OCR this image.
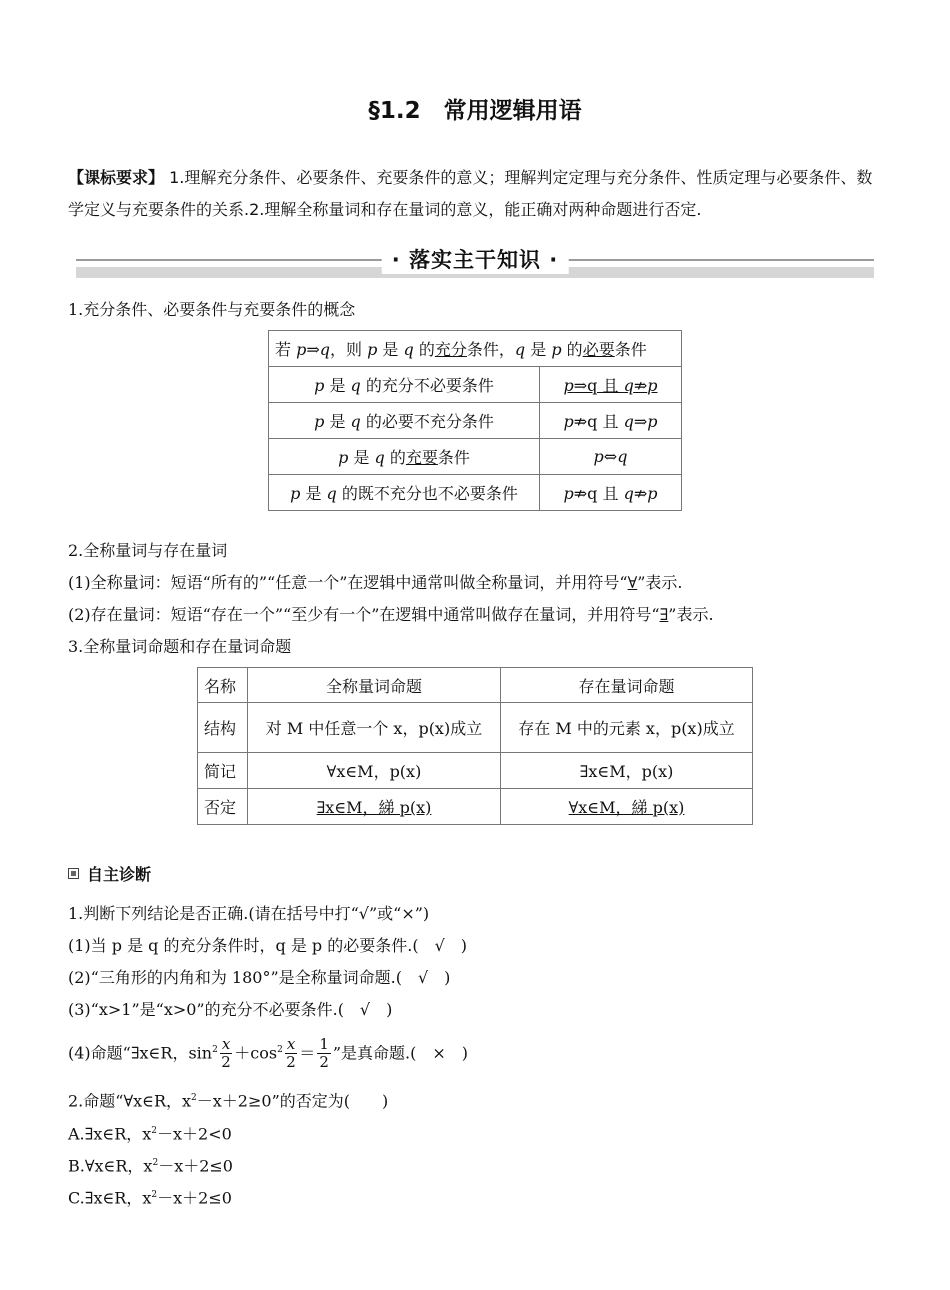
§1.2　常用逻辑用语
【课标要求】 1.理解充分条件、必要条件、充要条件的意义；理解判定定理与充分条件、性质定理与必要条件、数学定义与充要条件的关系.2.理解全称量词和存在量词的意义，能正确对两种命题进行否定.
· 落实主干知识 ·
1.充分条件、必要条件与充要条件的概念
若 p⇒q，则 p 是 q 的充分条件，q 是 p 的必要条件	
p 是 q 的充分不必要条件	p⇒q 且 q⇏p
p 是 q 的必要不充分条件	p⇏q 且 q⇒p
p 是 q 的充要条件	p⇔q
p 是 q 的既不充分也不必要条件	p⇏q 且 q⇏p
2.全称量词与存在量词
(1)全称量词：短语“所有的”“任意一个”在逻辑中通常叫做全称量词，并用符号“∀”表示.
(2)存在量词：短语“存在一个”“至少有一个”在逻辑中通常叫做存在量词，并用符号“∃”表示.
3.全称量词命题和存在量词命题
名称	全称量词命题	存在量词命题
结构	对 M 中任意一个 x，p(x)成立	存在 M 中的元素 x，p(x)成立
简记	∀x∈M，p(x)	∃x∈M，p(x)
否定	∃x∈M，綈 p(x)	∀x∈M，綈 p(x)
自主诊断
1.判断下列结论是否正确.(请在括号中打“√”或“×”)
(1)当 p 是 q 的充分条件时，q 是 p 的必要条件.(　√　)
(2)“三角形的内角和为 180°”是全称量词命题.(　√　)
(3)“x>1”是“x>0”的充分不必要条件.(　√　)
(4)命题“∃x∈R，$\sin^2 \frac{x}{2} +\cos^2 \frac{x}{2} = \frac{1}{2}$ ”是真命题.(　×　)
2.命题“∀x∈R，$x^2-x+2\ge 0$”的否定为(　　)
A.∃x∈R，$x^2-x+2<0$
B.∀x∈R，$x^2-x+2\le 0$
C.∃x∈R，$x^2-x+2\le 0$
